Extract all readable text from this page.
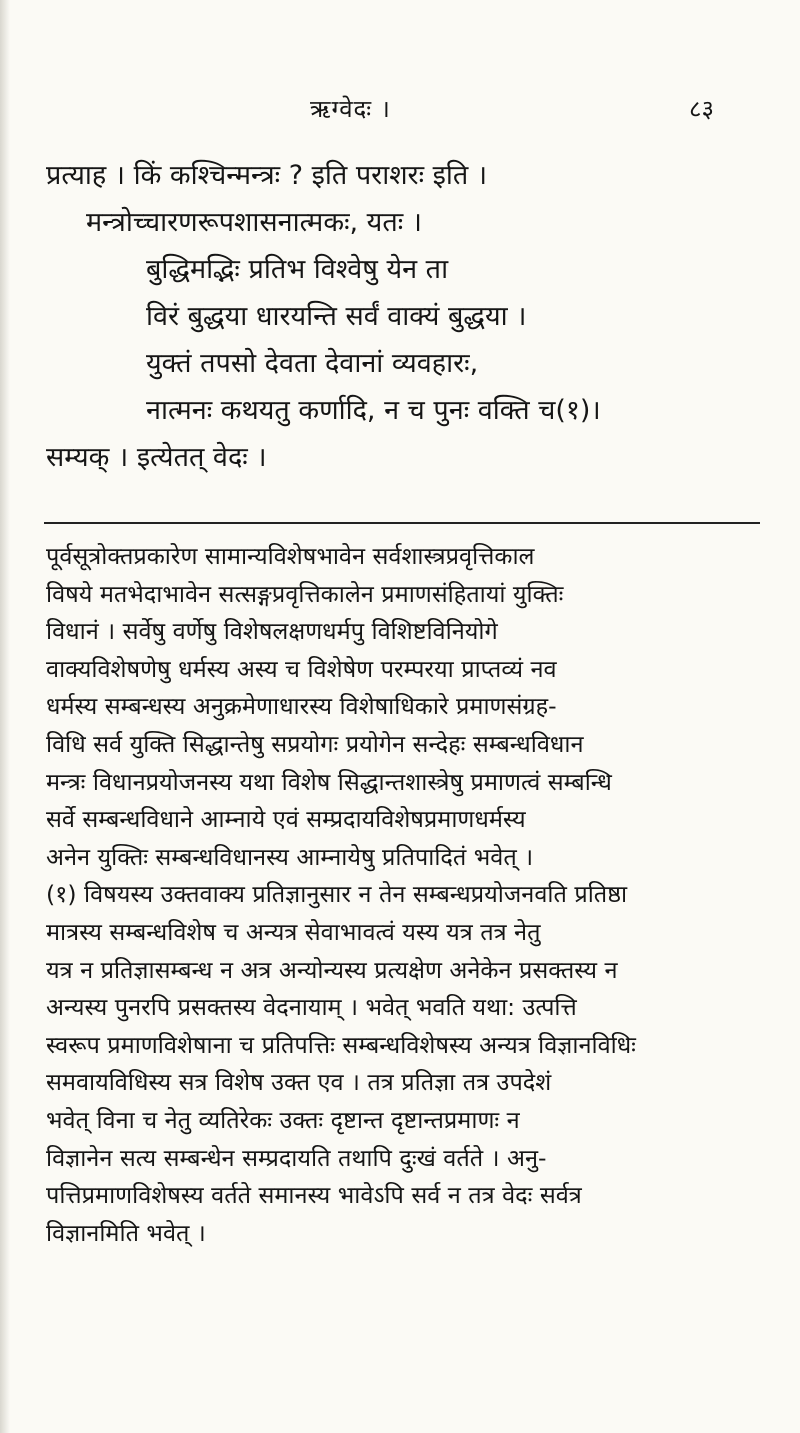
ऋग्वेदः ।	८३
प्रत्याह । किं कश्चिन्मन्त्रः ? इति पराशरः इति ।
मन्त्रोच्चारणरूपशासनात्मकः, यतः ।
बुद्धिमद्भिः प्रतिभ विश्वेषु येन ता
विरं बुद्धया धारयन्ति सर्वं वाक्यं बुद्धया ।
युक्तं तपसो देवता देवानां व्यवहारः,
नात्मनः कथयतु कर्णादि, न च पुनः वक्ति च(१)।
सम्यक् । इत्येतत् वेदः ।

पूर्वसूत्रोक्तप्रकारेण सामान्यविशेषभावेन सर्वशास्त्रप्रवृत्तिकाल
विषये मतभेदाभावेन सत्सङ्गप्रवृत्तिकालेन प्रमाणसंहितायां युक्तिः
विधानं । सर्वेषु वर्णेषु विशेषलक्षणधर्मपु विशिष्टविनियोगे
वाक्यविशेषणेषु धर्मस्य अस्य च विशेषेण परम्परया प्राप्तव्यं नव
धर्मस्य सम्बन्धस्य अनुक्रमेणाधारस्य विशेषाधिकारे प्रमाणसंग्रह-
विधि सर्व युक्ति सिद्धान्तेषु सप्रयोगः प्रयोगेन सन्देहः सम्बन्धविधान
मन्त्रः विधानप्रयोजनस्य यथा विशेष सिद्धान्तशास्त्रेषु प्रमाणत्वं सम्बन्धि
सर्वे सम्बन्धविधाने आम्नाये एवं सम्प्रदायविशेषप्रमाणधर्मस्य
अनेन युक्तिः सम्बन्धविधानस्य आम्नायेषु प्रतिपादितं भवेत् ।

(१) विषयस्य उक्तवाक्य प्रतिज्ञानुसार न तेन सम्बन्धप्रयोजनवति प्रतिष्ठा
मात्रस्य सम्बन्धविशेष च अन्यत्र सेवाभावत्वं यस्य यत्र तत्र नेतु
यत्र न प्रतिज्ञासम्बन्ध न अत्र अन्योन्यस्य प्रत्यक्षेण अनेकेन प्रसक्तस्य न
अन्यस्य पुनरपि प्रसक्तस्य वेदनायाम् । भवेत् भवति यथा: उत्पत्ति
स्वरूप प्रमाणविशेषाना च प्रतिपत्तिः सम्बन्धविशेषस्य अन्यत्र विज्ञानविधिः
समवायविधिस्य सत्र विशेष उक्त एव । तत्र प्रतिज्ञा तत्र उपदेशं
भवेत् विना च नेतु व्यतिरेकः उक्तः दृष्टान्त दृष्टान्तप्रमाणः न
विज्ञानेन सत्य सम्बन्धेन सम्प्रदायति तथापि दुःखं वर्तते । अनु-
पत्तिप्रमाणविशेषस्य वर्तते समानस्य भावेऽपि सर्व न तत्र वेदः सर्वत्र
विज्ञानमिति भवेत् ।
